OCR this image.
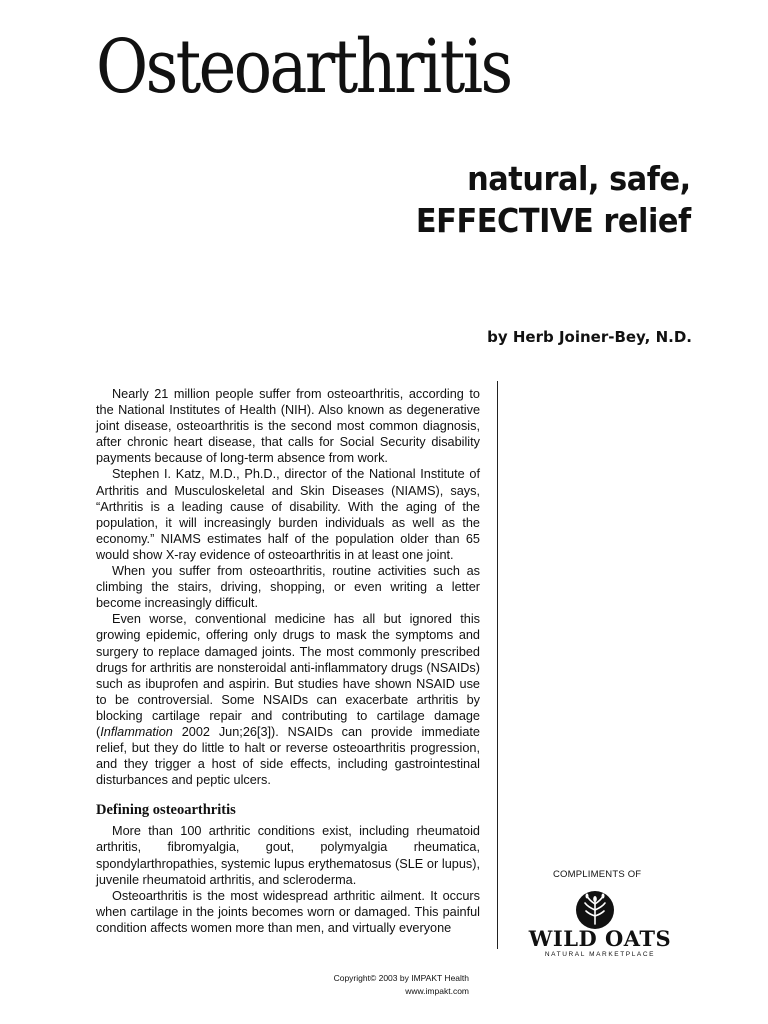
Osteoarthritis
natural, safe,
EFFECTIVE relief
by Herb Joiner-Bey, N.D.

Nearly 21 million people suffer from osteoarthritis, according to the National Institutes of Health (NIH). Also known as degenerative joint disease, osteoarthritis is the second most common diagnosis, after chronic heart disease, that calls for Social Security disability payments because of long-term absence from work.

Stephen I. Katz, M.D., Ph.D., director of the National Institute of Arthritis and Musculoskeletal and Skin Diseases (NIAMS), says, “Arthritis is a leading cause of disability. With the aging of the population, it will increasingly burden individuals as well as the economy.” NIAMS estimates half of the population older than 65 would show X-ray evidence of osteoarthritis in at least one joint.

When you suffer from osteoarthritis, routine activities such as climbing the stairs, driving, shopping, or even writing a letter become increasingly difficult.

Even worse, conventional medicine has all but ignored this growing epidemic, offering only drugs to mask the symptoms and surgery to replace damaged joints. The most commonly prescribed drugs for arthritis are nonsteroidal anti-inflammatory drugs (NSAIDs) such as ibuprofen and aspirin. But studies have shown NSAID use to be controversial. Some NSAIDs can exacerbate arthritis by blocking cartilage repair and contributing to cartilage damage (Inflammation 2002 Jun;26[3]). NSAIDs can provide immediate relief, but they do little to halt or reverse osteoarthritis progression, and they trigger a host of side effects, including gastrointestinal disturbances and peptic ulcers.

Defining osteoarthritis

More than 100 arthritic conditions exist, including rheumatoid arthritis, fibromyalgia, gout, polymyalgia rheumatica, spondylarthropathies, systemic lupus erythematosus (SLE or lupus), juvenile rheumatoid arthritis, and scleroderma.

Osteoarthritis is the most widespread arthritic ailment. It occurs when cartilage in the joints becomes worn or damaged. This painful condition affects women more than men, and virtually everyone

COMPLIMENTS OF
WILD OATS
NATURAL MARKETPLACE
Copyright© 2003 by IMPAKT Health
www.impakt.com
